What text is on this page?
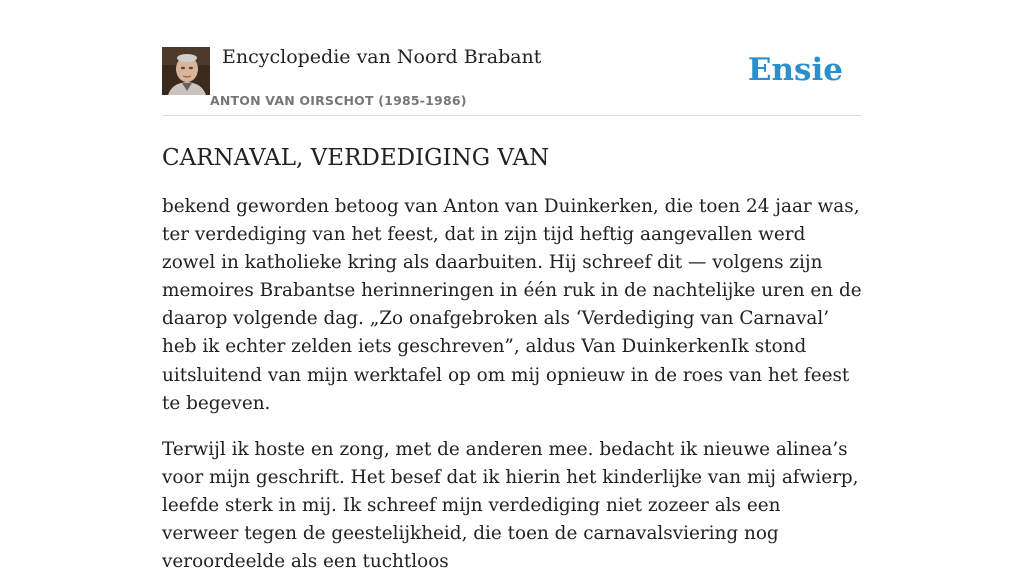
Encyclopedie van Noord Brabant
ANTON VAN OIRSCHOT (1985-1986)
Ensie
CARNAVAL, VERDEDIGING VAN

bekend geworden betoog van Anton van Duinkerken, die toen 24 jaar was, ter verdediging van het feest, dat in zijn tijd heftig aangevallen werd zowel in katholieke kring als daarbuiten. Hij schreef dit — volgens zijn memoires Brabantse herinneringen in één ruk in de nachtelijke uren en de daarop volgende dag. „Zo onafgebroken als ‘Verdediging van Carnaval’ heb ik echter zelden iets geschreven”, aldus Van DuinkerkenIk stond uitsluitend van mijn werktafel op om mij opnieuw in de roes van het feest te begeven.

Terwijl ik hoste en zong, met de anderen mee. bedacht ik nieuwe alinea’s voor mijn geschrift. Het besef dat ik hierin het kinderlijke van mij afwierp, leefde sterk in mij. Ik schreef mijn verdediging niet zozeer als een verweer tegen de geestelijkheid, die toen de carnavalsviering nog veroordeelde als een tuchtloos
